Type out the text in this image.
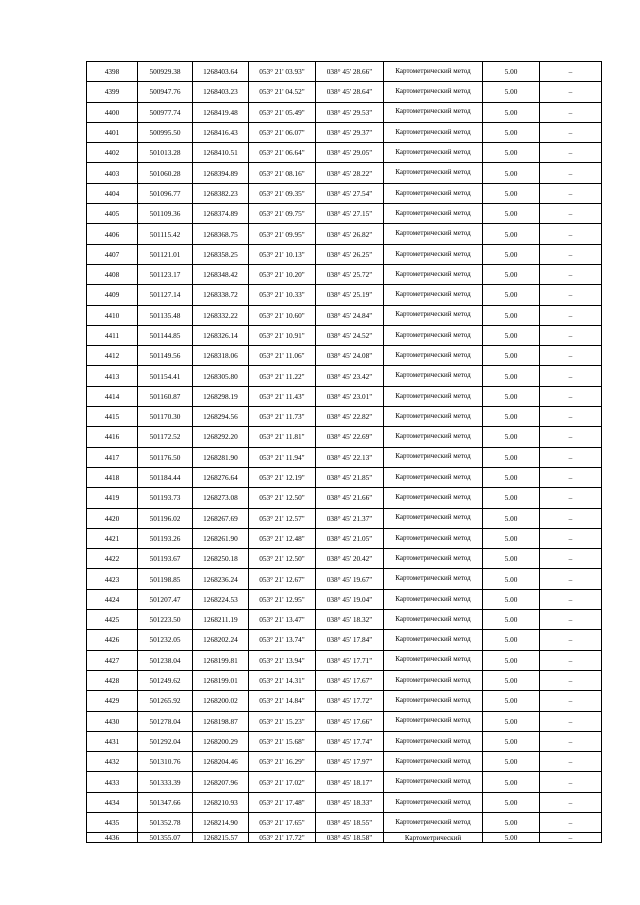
4398	500929.38	1268403.64	053° 21' 03.93"	038° 45' 28.66"	Картометрический метод	5.00	–
4399	500947.76	1268403.23	053° 21' 04.52"	038° 45' 28.64"	Картометрический метод	5.00	–
4400	500977.74	1268419.48	053° 21' 05.49"	038° 45' 29.53"	Картометрический метод	5.00	–
4401	500995.50	1268416.43	053° 21' 06.07"	038° 45' 29.37"	Картометрический метод	5.00	–
4402	501013.28	1268410.51	053° 21' 06.64"	038° 45' 29.05"	Картометрический метод	5.00	–
4403	501060.28	1268394.89	053° 21' 08.16"	038° 45' 28.22"	Картометрический метод	5.00	–
4404	501096.77	1268382.23	053° 21' 09.35"	038° 45' 27.54"	Картометрический метод	5.00	–
4405	501109.36	1268374.89	053° 21' 09.75"	038° 45' 27.15"	Картометрический метод	5.00	–
4406	501115.42	1268368.75	053° 21' 09.95"	038° 45' 26.82"	Картометрический метод	5.00	–
4407	501121.01	1268358.25	053° 21' 10.13"	038° 45' 26.25"	Картометрический метод	5.00	–
4408	501123.17	1268348.42	053° 21' 10.20"	038° 45' 25.72"	Картометрический метод	5.00	–
4409	501127.14	1268338.72	053° 21' 10.33"	038° 45' 25.19"	Картометрический метод	5.00	–
4410	501135.48	1268332.22	053° 21' 10.60"	038° 45' 24.84"	Картометрический метод	5.00	–
4411	501144.85	1268326.14	053° 21' 10.91"	038° 45' 24.52"	Картометрический метод	5.00	–
4412	501149.56	1268318.06	053° 21' 11.06"	038° 45' 24.08"	Картометрический метод	5.00	–
4413	501154.41	1268305.80	053° 21' 11.22"	038° 45' 23.42"	Картометрический метод	5.00	–
4414	501160.87	1268298.19	053° 21' 11.43"	038° 45' 23.01"	Картометрический метод	5.00	–
4415	501170.30	1268294.56	053° 21' 11.73"	038° 45' 22.82"	Картометрический метод	5.00	–
4416	501172.52	1268292.20	053° 21' 11.81"	038° 45' 22.69"	Картометрический метод	5.00	–
4417	501176.50	1268281.90	053° 21' 11.94"	038° 45' 22.13"	Картометрический метод	5.00	–
4418	501184.44	1268276.64	053° 21' 12.19"	038° 45' 21.85"	Картометрический метод	5.00	–
4419	501193.73	1268273.08	053° 21' 12.50"	038° 45' 21.66"	Картометрический метод	5.00	–
4420	501196.02	1268267.69	053° 21' 12.57"	038° 45' 21.37"	Картометрический метод	5.00	–
4421	501193.26	1268261.90	053° 21' 12.48"	038° 45' 21.05"	Картометрический метод	5.00	–
4422	501193.67	1268250.18	053° 21' 12.50"	038° 45' 20.42"	Картометрический метод	5.00	–
4423	501198.85	1268236.24	053° 21' 12.67"	038° 45' 19.67"	Картометрический метод	5.00	–
4424	501207.47	1268224.53	053° 21' 12.95"	038° 45' 19.04"	Картометрический метод	5.00	–
4425	501223.50	1268211.19	053° 21' 13.47"	038° 45' 18.32"	Картометрический метод	5.00	–
4426	501232.05	1268202.24	053° 21' 13.74"	038° 45' 17.84"	Картометрический метод	5.00	–
4427	501238.04	1268199.81	053° 21' 13.94"	038° 45' 17.71"	Картометрический метод	5.00	–
4428	501249.62	1268199.01	053° 21' 14.31"	038° 45' 17.67"	Картометрический метод	5.00	–
4429	501265.92	1268200.02	053° 21' 14.84"	038° 45' 17.72"	Картометрический метод	5.00	–
4430	501278.04	1268198.87	053° 21' 15.23"	038° 45' 17.66"	Картометрический метод	5.00	–
4431	501292.04	1268200.29	053° 21' 15.68"	038° 45' 17.74"	Картометрический метод	5.00	–
4432	501310.76	1268204.46	053° 21' 16.29"	038° 45' 17.97"	Картометрический метод	5.00	–
4433	501333.39	1268207.96	053° 21' 17.02"	038° 45' 18.17"	Картометрический метод	5.00	–
4434	501347.66	1268210.93	053° 21' 17.48"	038° 45' 18.33"	Картометрический метод	5.00	–
4435	501352.78	1268214.90	053° 21' 17.65"	038° 45' 18.55"	Картометрический метод	5.00	–
4436	501355.07	1268215.57	053° 21' 17.72"	038° 45' 18.58"	Картометрический	5.00	–
